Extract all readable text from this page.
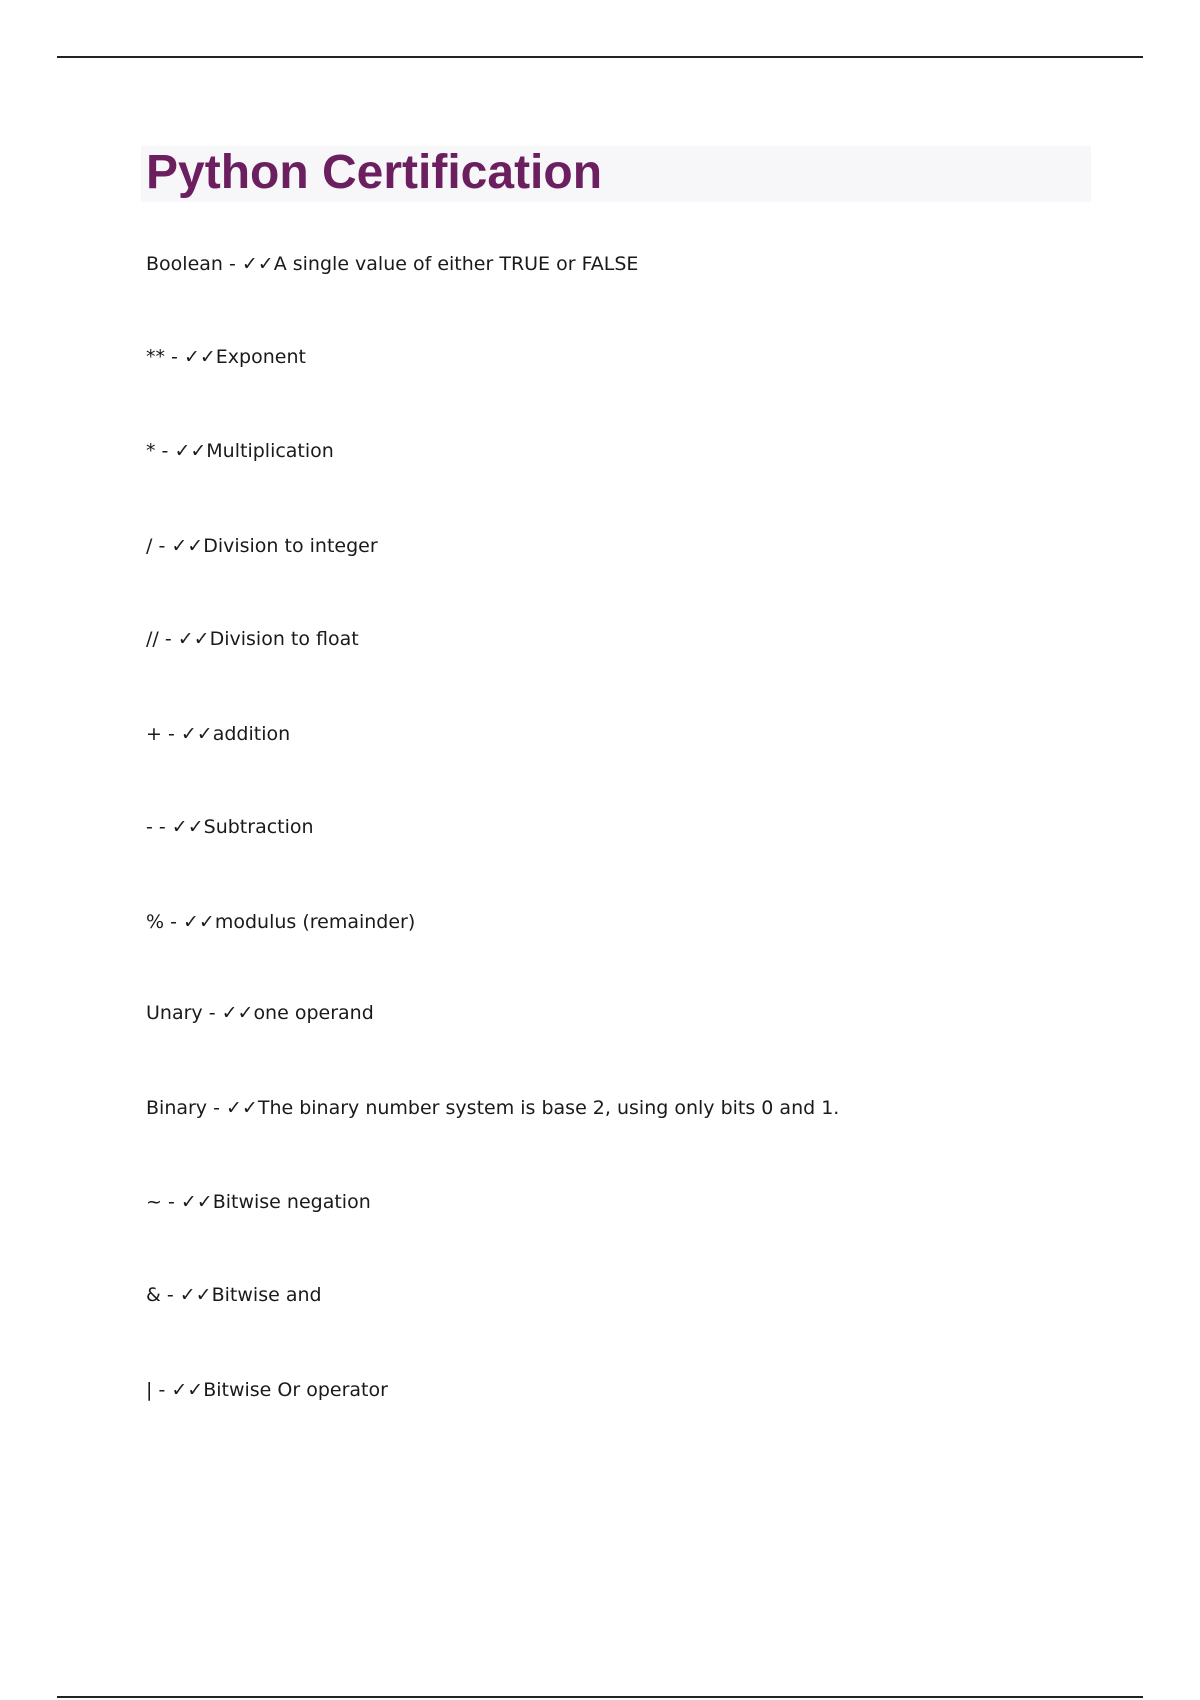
Python Certification
Boolean - ✓✓A single value of either TRUE or FALSE
** - ✓✓Exponent
* - ✓✓Multiplication
/ - ✓✓Division to integer
// - ✓✓Division to float
+ - ✓✓addition
- - ✓✓Subtraction
% - ✓✓modulus (remainder)
Unary - ✓✓one operand
Binary - ✓✓The binary number system is base 2, using only bits 0 and 1.
~ - ✓✓Bitwise negation
& - ✓✓Bitwise and
| - ✓✓Bitwise Or operator
